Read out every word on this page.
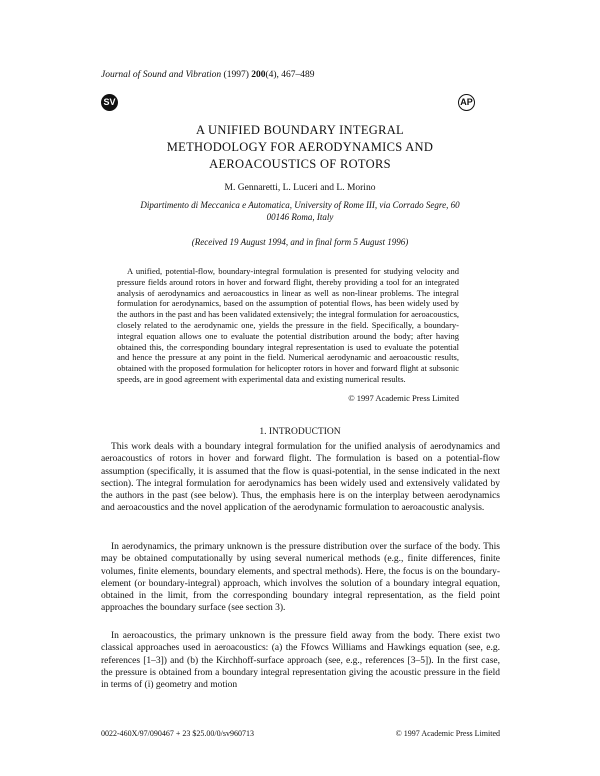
Journal of Sound and Vibration (1997) 200(4), 467–489
SV	AP
A UNIFIED BOUNDARY INTEGRAL
METHODOLOGY FOR AERODYNAMICS AND
AEROACOUSTICS OF ROTORS
M. Gennaretti, L. Luceri and L. Morino
Dipartimento di Meccanica e Automatica, University of Rome III, via Corrado Segre, 60
00146 Roma, Italy
(Received 19 August 1994, and in final form 5 August 1996)
A unified, potential-flow, boundary-integral formulation is presented for studying velocity and pressure fields around rotors in hover and forward flight, thereby providing a tool for an integrated analysis of aerodynamics and aeroacoustics in linear as well as non-linear problems. The integral formulation for aerodynamics, based on the assumption of potential flows, has been widely used by the authors in the past and has been validated extensively; the integral formulation for aeroacoustics, closely related to the aerodynamic one, yields the pressure in the field. Specifically, a boundary-integral equation allows one to evaluate the potential distribution around the body; after having obtained this, the corresponding boundary integral representation is used to evaluate the potential and hence the pressure at any point in the field. Numerical aerodynamic and aeroacoustic results, obtained with the proposed formulation for helicopter rotors in hover and forward flight at subsonic speeds, are in good agreement with experimental data and existing numerical results.
© 1997 Academic Press Limited
1. INTRODUCTION
This work deals with a boundary integral formulation for the unified analysis of aerodynamics and aeroacoustics of rotors in hover and forward flight. The formulation is based on a potential-flow assumption (specifically, it is assumed that the flow is quasi-potential, in the sense indicated in the next section). The integral formulation for aerodynamics has been widely used and extensively validated by the authors in the past (see below). Thus, the emphasis here is on the interplay between aerodynamics and aeroacoustics and the novel application of the aerodynamic formulation to aeroacoustic analysis.
In aerodynamics, the primary unknown is the pressure distribution over the surface of the body. This may be obtained computationally by using several numerical methods (e.g., finite differences, finite volumes, finite elements, boundary elements, and spectral methods). Here, the focus is on the boundary-element (or boundary-integral) approach, which involves the solution of a boundary integral equation, obtained in the limit, from the corresponding boundary integral representation, as the field point approaches the boundary surface (see section 3).
In aeroacoustics, the primary unknown is the pressure field away from the body. There exist two classical approaches used in aeroacoustics: (a) the Ffowcs Williams and Hawkings equation (see, e.g. references [1–3]) and (b) the Kirchhoff-surface approach (see, e.g., references [3–5]). In the first case, the pressure is obtained from a boundary integral representation giving the acoustic pressure in the field in terms of (i) geometry and motion
0022-460X/97/090467 + 23 $25.00/0/sv960713	© 1997 Academic Press Limited
